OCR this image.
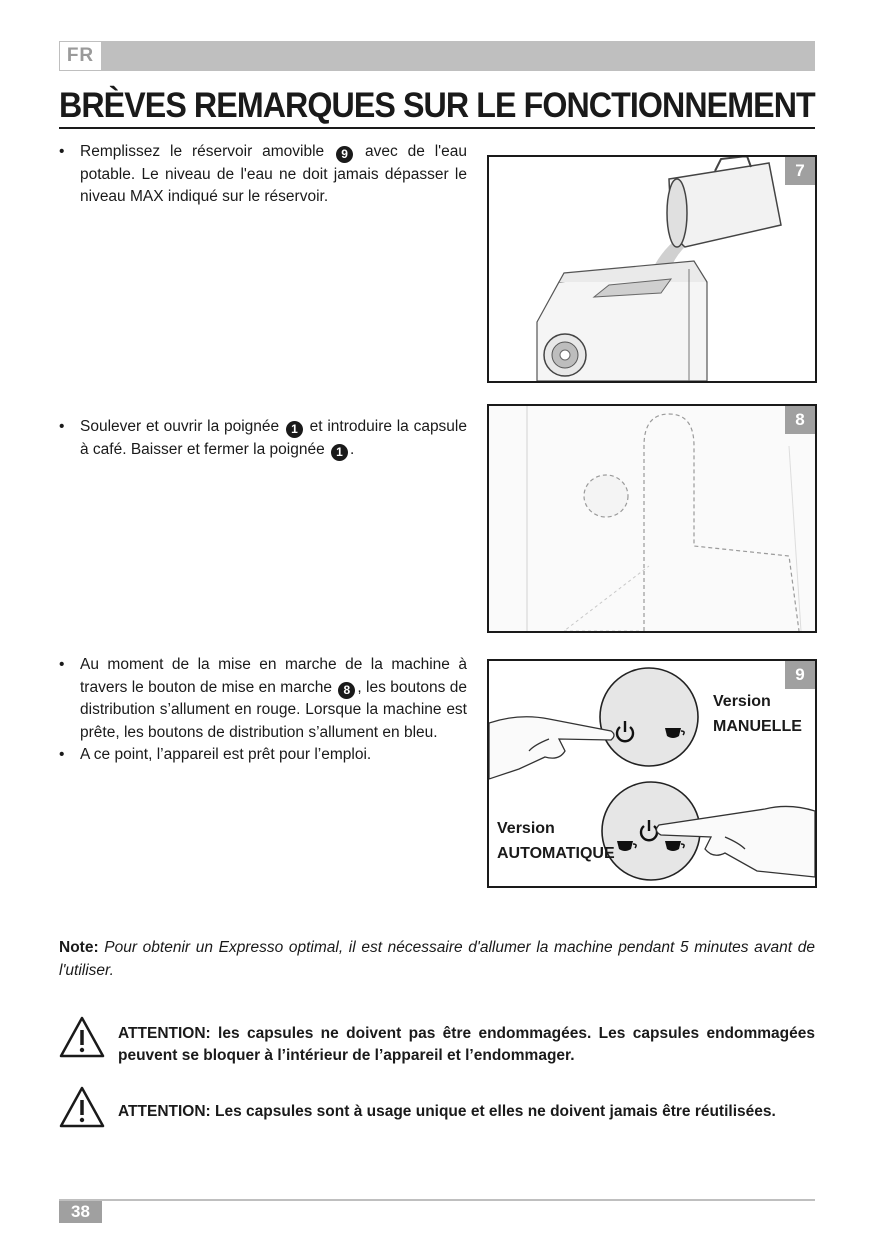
FR
BRÈVES REMARQUES SUR LE FONCTIONNEMENT
• Remplissez le réservoir amovible 9 avec de l'eau potable. Le niveau de l'eau ne doit jamais dépasser le niveau MAX indiqué sur le réservoir.
7
• Soulever et ouvrir la poignée 1 et introduire la capsule à café. Baisser et fermer la poignée 1 .
8
• Au moment de la mise en marche de la machine à travers le bouton de mise en marche 8 , les boutons de distribution s’allument en rouge. Lorsque la machine est prête, les boutons de distribution s’allument en bleu.
• A ce point, l’appareil est prêt pour l’emploi.
9
Version
MANUELLE
Version
AUTOMATIQUE
Note: Pour obtenir un Expresso optimal, il est nécessaire d'allumer la machine pendant 5 minutes avant de l'utiliser.
ATTENTION: les capsules ne doivent pas être endommagées. Les capsules endommagées peuvent se bloquer à l’intérieur de l’appareil et l’endommager.
ATTENTION: Les capsules sont à usage unique et elles ne doivent jamais être réutilisées.
38
